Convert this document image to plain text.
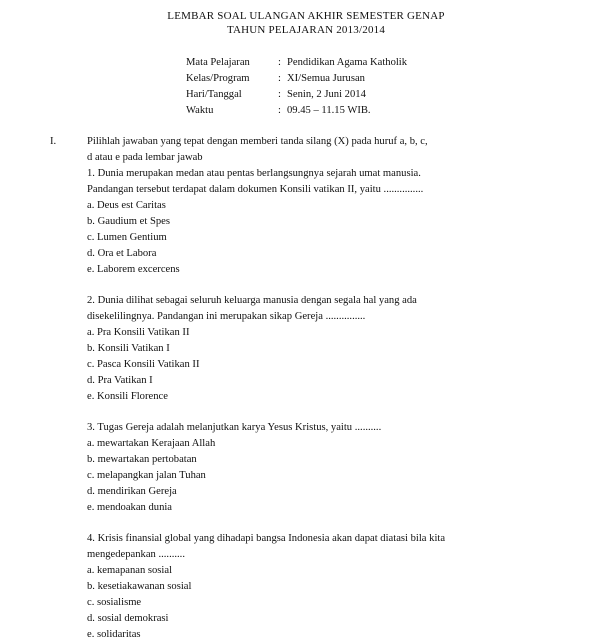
LEMBAR SOAL ULANGAN AKHIR SEMESTER GENAP
TAHUN PELAJARAN 2013/2014
Mata Pelajaran	: Pendidikan Agama Katholik
Kelas/Program	: XI/Semua Jurusan
Hari/Tanggal	: Senin, 2 Juni 2014
Waktu	: 09.45 – 11.15 WIB.
I.	Pilihlah jawaban yang tepat dengan memberi tanda silang (X) pada huruf a, b, c,
d atau e pada lembar jawab
1. Dunia merupakan medan atau pentas berlangsungnya sejarah umat manusia.
Pandangan tersebut terdapat dalam dokumen Konsili vatikan II, yaitu ...............
a. Deus est Caritas
b. Gaudium et Spes
c. Lumen Gentium
d. Ora et Labora
e. Laborem excercens
2. Dunia dilihat sebagai seluruh keluarga manusia dengan segala hal yang ada
disekelilingnya. Pandangan ini merupakan sikap Gereja ...............
a. Pra Konsili Vatikan II
b. Konsili Vatikan I
c. Pasca Konsili Vatikan II
d. Pra Vatikan I
e. Konsili Florence
3. Tugas Gereja adalah melanjutkan karya Yesus Kristus, yaitu ..........
a. mewartakan Kerajaan Allah
b. mewartakan pertobatan
c. melapangkan jalan Tuhan
d. mendirikan Gereja
e. mendoakan dunia
4. Krisis finansial global yang dihadapi bangsa Indonesia akan dapat diatasi bila kita
mengedepankan ..........
a. kemapanan sosial
b. kesetiakawanan sosial
c. sosialisme
d. sosial demokrasi
e. solidaritas
